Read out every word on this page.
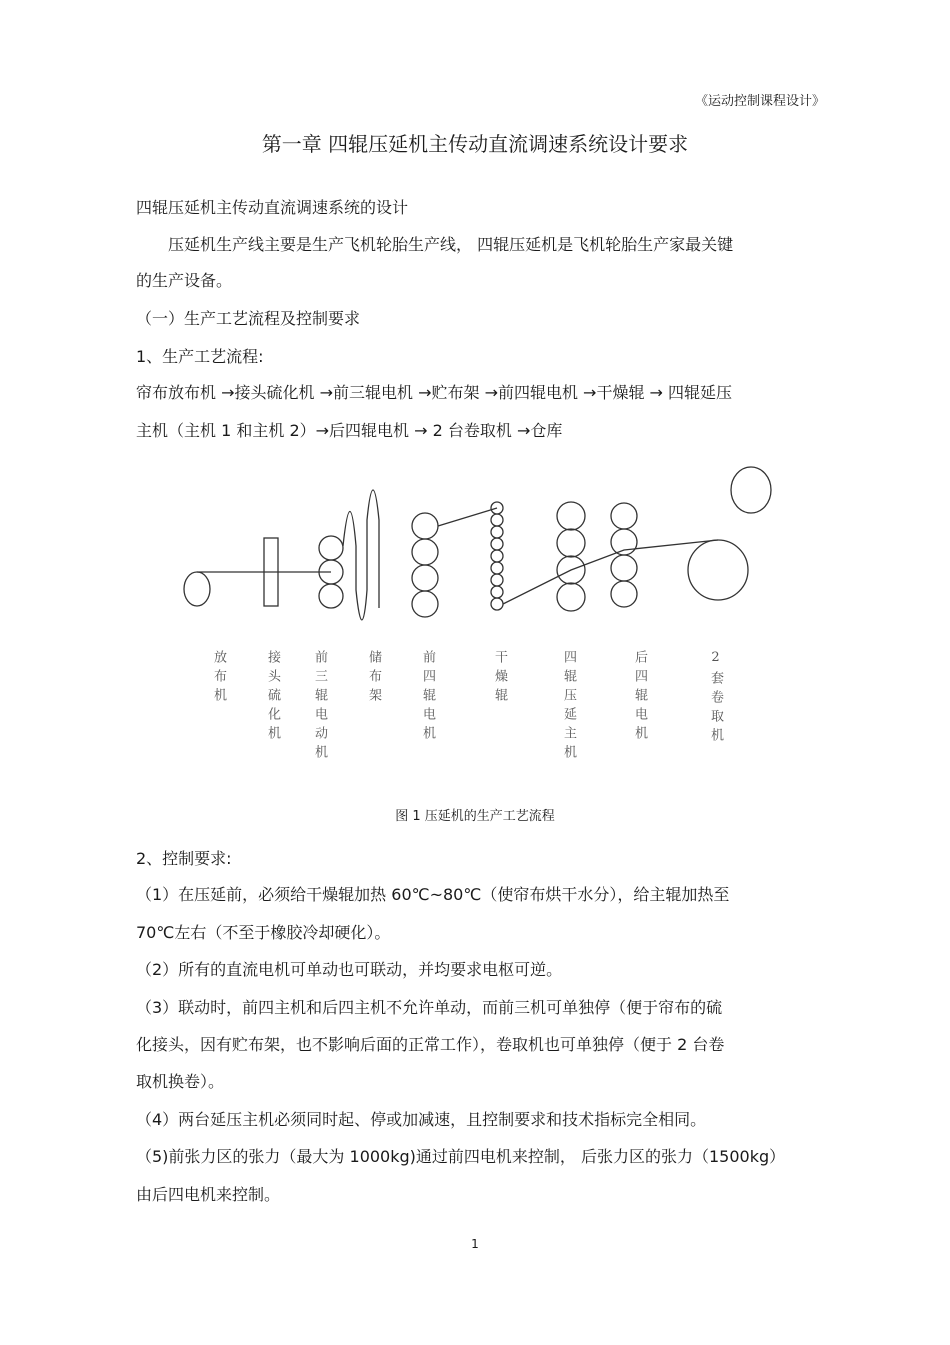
《运动控制课程设计》
第一章 四辊压延机主传动直流调速系统设计要求
四辊压延机主传动直流调速系统的设计
压延机生产线主要是生产飞机轮胎生产线， 四辊压延机是飞机轮胎生产家最关键
的生产设备。
（一）生产工艺流程及控制要求
1、生产工艺流程:
帘布放布机 →接头硫化机 →前三辊电机 →贮布架 →前四辊电机 →干燥辊 → 四辊延压
主机（主机 1 和主机 2）→后四辊电机 → 2 台卷取机 →仓库
放布机	接头硫化机 前三辊电动机	储布架	前四辊电机	干燥辊	四辊压延主机	后四辊电机	2套卷取机
图 1 压延机的生产工艺流程
2、控制要求:
（1）在压延前，必须给干燥辊加热 60℃~80℃（使帘布烘干水分），给主辊加热至
70℃左右（不至于橡胶冷却硬化）。
（2）所有的直流电机可单动也可联动，并均要求电枢可逆。
（3）联动时，前四主机和后四主机不允许单动，而前三机可单独停（便于帘布的硫
化接头，因有贮布架，也不影响后面的正常工作），卷取机也可单独停（便于 2 台卷
取机换卷）。
（4）两台延压主机必须同时起、停或加减速，且控制要求和技术指标完全相同。
（5)前张力区的张力（最大为 1000kg)通过前四电机来控制， 后张力区的张力（1500kg）
由后四电机来控制。
1
